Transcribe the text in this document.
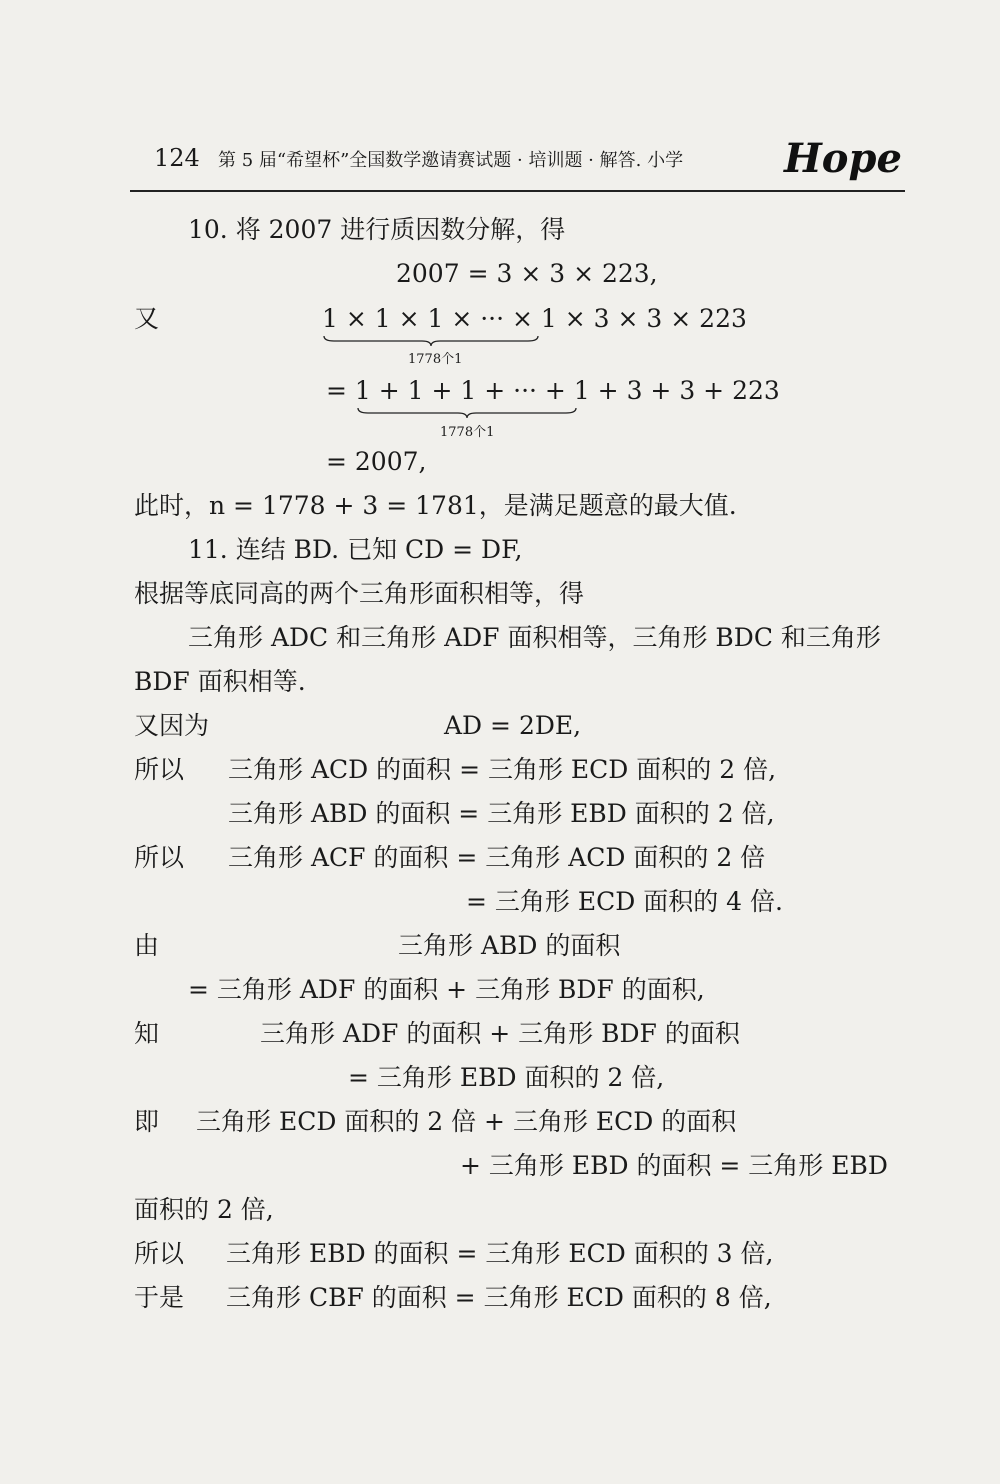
124 第 5 届“希望杯”全国数学邀请赛试题 · 培训题 · 解答. 小学	Hope
10. 将 2007 进行质因数分解，得
2007 = 3 × 3 × 223,
又	1 × 1 × 1 × ··· × 1 × 3 × 3 × 223
1778个1
= 1 + 1 + 1 + ··· + 1 + 3 + 3 + 223
1778个1
= 2007,
此时，n = 1778 + 3 = 1781，是满足题意的最大值.
11. 连结 BD. 已知 CD = DF,
根据等底同高的两个三角形面积相等，得
三角形 ADC 和三角形 ADF 面积相等，三角形 BDC 和三角形
BDF 面积相等.
又因为	AD = 2DE,
所以 三角形 ACD 的面积 = 三角形 ECD 面积的 2 倍,
三角形 ABD 的面积 = 三角形 EBD 面积的 2 倍,
所以 三角形 ACF 的面积 = 三角形 ACD 面积的 2 倍
= 三角形 ECD 面积的 4 倍.
由	三角形 ABD 的面积
= 三角形 ADF 的面积 + 三角形 BDF 的面积,
知	三角形 ADF 的面积 + 三角形 BDF 的面积
= 三角形 EBD 面积的 2 倍,
即 三角形 ECD 面积的 2 倍 + 三角形 ECD 的面积
+ 三角形 EBD 的面积 = 三角形 EBD
面积的 2 倍,
所以 三角形 EBD 的面积 = 三角形 ECD 面积的 3 倍,
于是 三角形 CBF 的面积 = 三角形 ECD 面积的 8 倍,
